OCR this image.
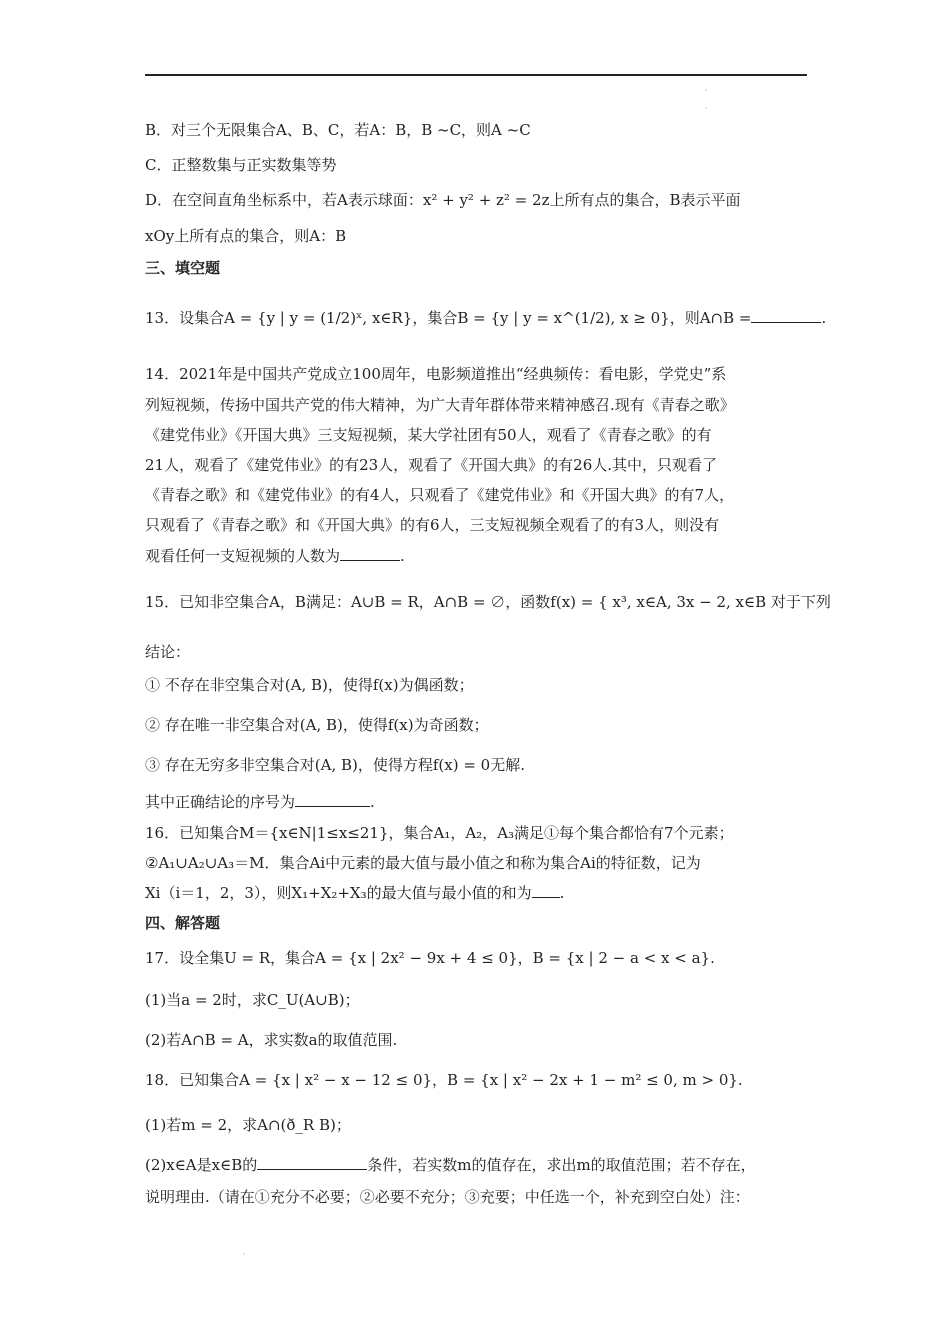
·
·
B．对三个无限集合A、B、C，若A：B，B ~C，则A ~C
C．正整数集与正实数集等势
D．在空间直角坐标系中，若A表示球面：x² + y² + z² = 2z上所有点的集合，B表示平面
xOy上所有点的集合，则A：B
三、填空题
13．设集合A = {y | y = (1/2)ˣ, x∈R}，集合B = {y | y = x^(1/2), x ≥ 0}，则A∩B =	.
14．2021年是中国共产党成立100周年，电影频道推出“经典频传：看电影，学党史”系
列短视频，传扬中国共产党的伟大精神，为广大青年群体带来精神感召.现有《青春之歌》
《建党伟业》《开国大典》三支短视频，某大学社团有50人，观看了《青春之歌》的有
21人，观看了《建党伟业》的有23人，观看了《开国大典》的有26人.其中，只观看了
《青春之歌》和《建党伟业》的有4人，只观看了《建党伟业》和《开国大典》的有7人，
只观看了《青春之歌》和《开国大典》的有6人，三支短视频全观看了的有3人，则没有
观看任何一支短视频的人数为	.
15．已知非空集合A，B满足：A∪B = R，A∩B = ∅，函数f(x) = { x³, x∈A, 3x − 2, x∈B 对于下列
结论：
① 不存在非空集合对(A, B)，使得f(x)为偶函数；
② 存在唯一非空集合对(A, B)，使得f(x)为奇函数；
③ 存在无穷多非空集合对(A, B)，使得方程f(x) = 0无解.
其中正确结论的序号为	.
16．已知集合M＝{x∈N|1≤x≤21}，集合A₁，A₂，A₃满足①每个集合都恰有7个元素；
②A₁∪A₂∪A₃＝M．集合Ai中元素的最大值与最小值之和称为集合Ai的特征数，记为
Xi（i＝1，2，3），则X₁+X₂+X₃的最大值与最小值的和为 .
四、解答题
17．设全集U = R，集合A = {x | 2x² − 9x + 4 ≤ 0}，B = {x | 2 − a < x < a}.
(1)当a = 2时，求C_U(A∪B)；
(2)若A∩B = A，求实数a的取值范围.
18．已知集合A = {x | x² − x − 12 ≤ 0}，B = {x | x² − 2x + 1 − m² ≤ 0, m > 0}.
(1)若m = 2，求A∩(ð_R B)；
(2)x∈A是x∈B的	条件，若实数m的值存在，求出m的取值范围；若不存在，
说明理由.（请在①充分不必要；②必要不充分；③充要；中任选一个，补充到空白处）注：
·
